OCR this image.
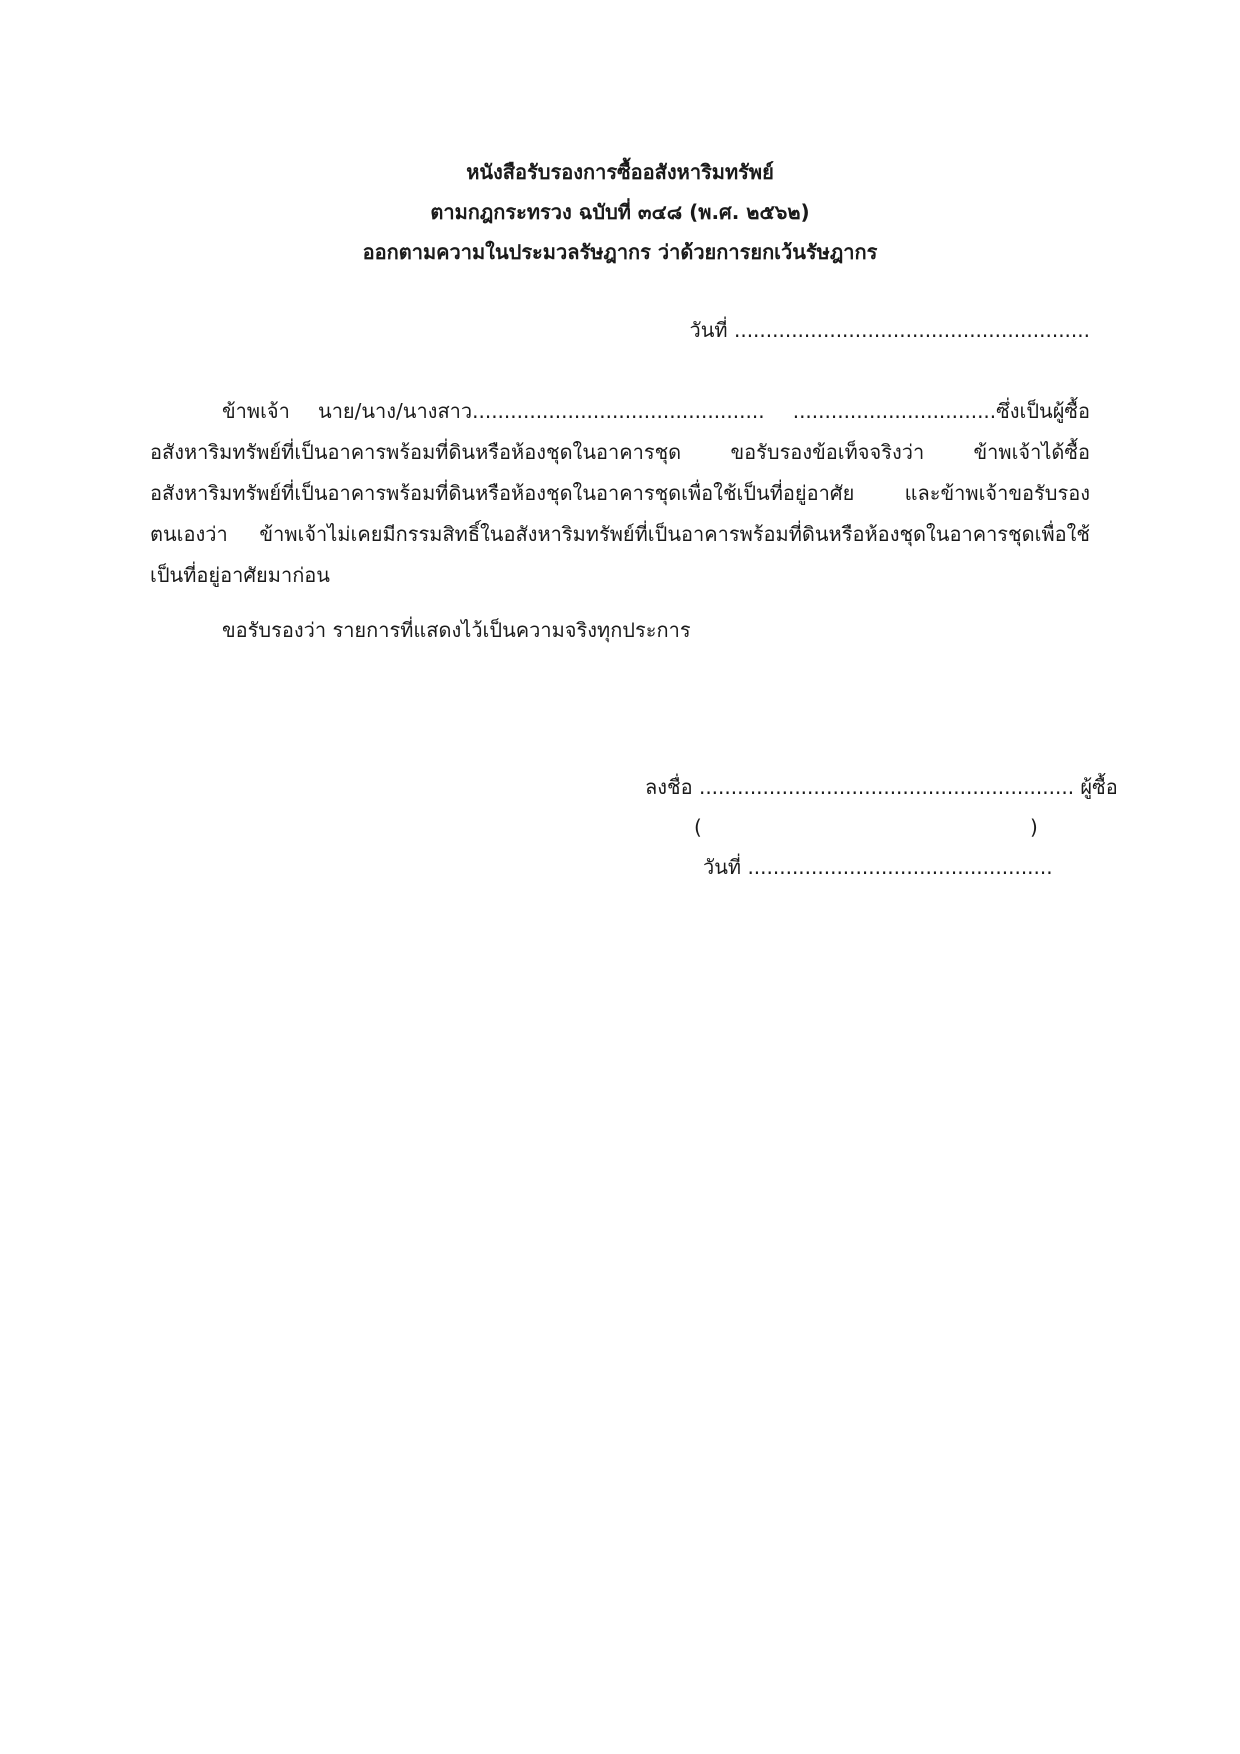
หนังสือรับรองการซื้ออสังหาริมทรัพย์
ตามกฎกระทรวง ฉบับที่ ๓๔๘ (พ.ศ. ๒๕๖๒)
ออกตามความในประมวลรัษฎากร ว่าด้วยการยกเว้นรัษฎากร
วันที่ ........................................................

ข้าพเจ้า นาย/นาง/นางสาว.............................................. ................................ซึ่งเป็นผู้ซื้ออสังหาริมทรัพย์ที่เป็นอาคารพร้อมที่ดินหรือห้องชุดในอาคารชุด ขอรับรองข้อเท็จจริงว่า ข้าพเจ้าได้ซื้ออสังหาริมทรัพย์ที่เป็นอาคารพร้อมที่ดินหรือห้องชุดในอาคารชุดเพื่อใช้เป็นที่อยู่อาศัย และข้าพเจ้าขอรับรองตนเองว่า ข้าพเจ้าไม่เคยมีกรรมสิทธิ์ในอสังหาริมทรัพย์ที่เป็นอาคารพร้อมที่ดินหรือห้องชุดในอาคารชุดเพื่อใช้เป็นที่อยู่อาศัยมาก่อน

ขอรับรองว่า รายการที่แสดงไว้เป็นความจริงทุกประการ

ลงชื่อ ........................................................... ผู้ซื้อ
(	)
วันที่ ................................................
